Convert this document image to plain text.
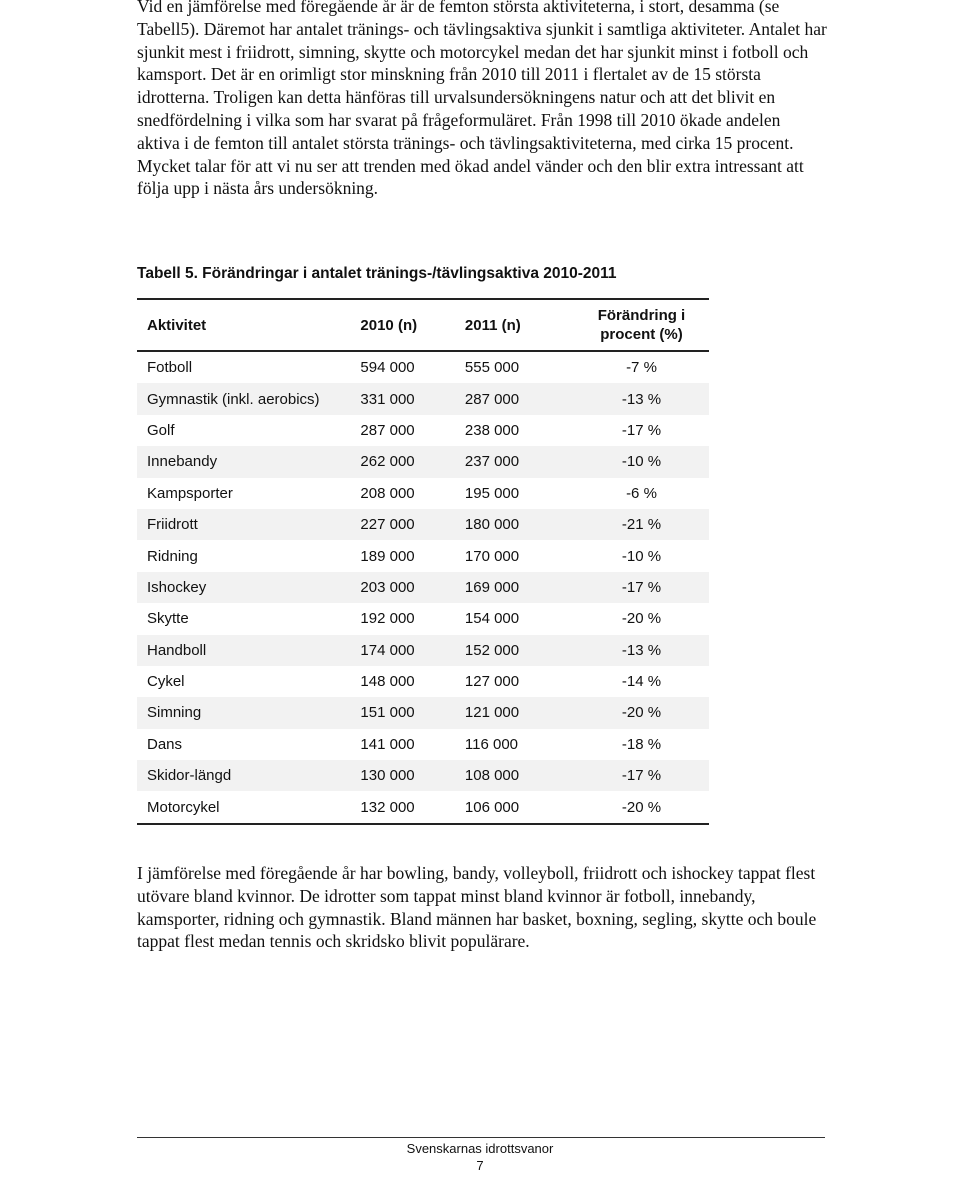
Vid en jämförelse med föregående år är de femton största aktiviteterna, i stort, desamma (se Tabell5). Däremot har antalet tränings- och tävlingsaktiva sjunkit i samtliga aktiviteter. Antalet har sjunkit mest i friidrott, simning, skytte och motorcykel medan det har sjunkit minst i fotboll och kamsport. Det är en orimligt stor minskning från 2010 till 2011 i flertalet av de 15 största idrotterna. Troligen kan detta hänföras till urvalsundersökningens natur och att det blivit en snedfördelning i vilka som har svarat på frågeformuläret. Från 1998 till 2010 ökade andelen aktiva i de femton till antalet största tränings- och tävlingsaktiviteterna, med cirka 15 procent. Mycket talar för att vi nu ser att trenden med ökad andel vänder och den blir extra intressant att följa upp i nästa års undersökning.

Tabell 5. Förändringar i antalet tränings-/tävlingsaktiva 2010-2011

Aktivitet	2010 (n)	2011 (n)	Förändring i procent (%)
Fotboll	594 000	555 000	-7 %
Gymnastik (inkl. aerobics)	331 000	287 000	-13 %
Golf	287 000	238 000	-17 %
Innebandy	262 000	237 000	-10 %
Kampsporter	208 000	195 000	-6 %
Friidrott	227 000	180 000	-21 %
Ridning	189 000	170 000	-10 %
Ishockey	203 000	169 000	-17 %
Skytte	192 000	154 000	-20 %
Handboll	174 000	152 000	-13 %
Cykel	148 000	127 000	-14 %
Simning	151 000	121 000	-20 %
Dans	141 000	116 000	-18 %
Skidor-längd	130 000	108 000	-17 %
Motorcykel	132 000	106 000	-20 %

I jämförelse med föregående år har bowling, bandy, volleyboll, friidrott och ishockey tappat flest utövare bland kvinnor. De idrotter som tappat minst bland kvinnor är fotboll, innebandy, kamsporter, ridning och gymnastik. Bland männen har basket, boxning, segling, skytte och boule tappat flest medan tennis och skridsko blivit populärare.

Svenskarnas idrottsvanor

7
